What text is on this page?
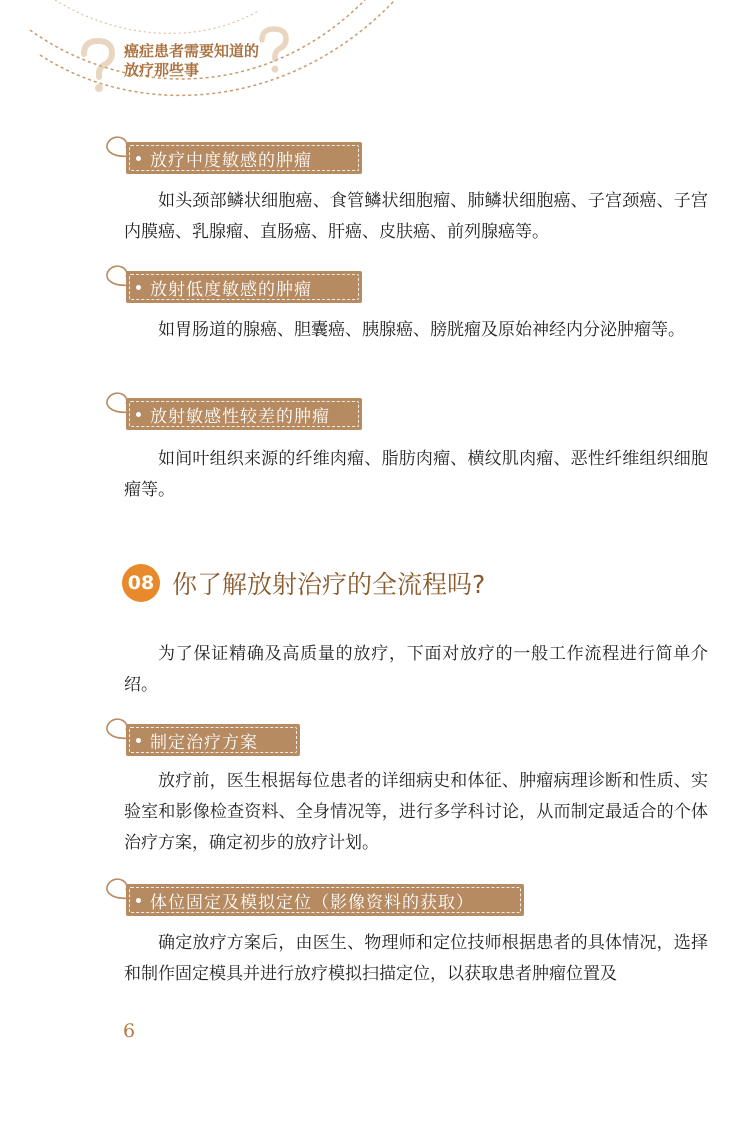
癌症患者需要知道的
放疗那些事
放疗中度敏感的肿瘤

如头颈部鳞状细胞癌、食管鳞状细胞瘤、肺鳞状细胞癌、子宫颈癌、子宫内膜癌、乳腺瘤、直肠癌、肝癌、皮肤癌、前列腺癌等。

放射低度敏感的肿瘤

如胃肠道的腺癌、胆囊癌、胰腺癌、膀胱瘤及原始神经内分泌肿瘤等。

放射敏感性较差的肿瘤

如间叶组织来源的纤维肉瘤、脂肪肉瘤、横纹肌肉瘤、恶性纤维组织细胞瘤等。

08 你了解放射治疗的全流程吗?

为了保证精确及高质量的放疗，下面对放疗的一般工作流程进行简单介绍。

制定治疗方案

放疗前，医生根据每位患者的详细病史和体征、肿瘤病理诊断和性质、实验室和影像检查资料、全身情况等，进行多学科讨论，从而制定最适合的个体治疗方案，确定初步的放疗计划。

体位固定及模拟定位（影像资料的获取）

确定放疗方案后，由医生、物理师和定位技师根据患者的具体情况，选择和制作固定模具并进行放疗模拟扫描定位，以获取患者肿瘤位置及

6
